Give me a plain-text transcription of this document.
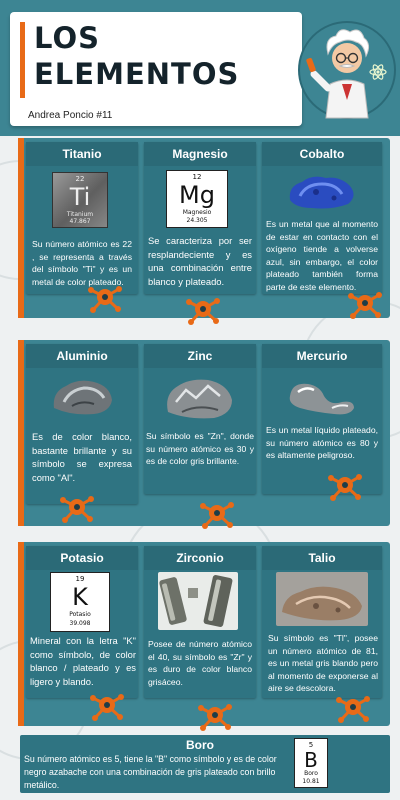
LOS
ELEMENTOS
Andrea Poncio #11
Titanio
22
Ti
Titanium
47.867
Su número atómico es 22 , se representa a través del símbolo "Ti" y es un metal de color plateado.
Magnesio
12
Mg
Magnesio
24.305
Se caracteriza por ser resplandeciente y es una combinación entre blanco y plateado.
Cobalto
Es un metal que al momento de estar en contacto con el oxígeno tiende a volverse azul, sin embargo, el color plateado también forma parte de este elemento.
Aluminio
Es de color blanco, bastante brillante y su símbolo se expresa como "Al".
Zinc
Su símbolo es "Zn", donde su número atómico es 30 y es de color gris brillante.
Mercurio
Es un metal líquido plateado, su número atómico es 80 y es altamente peligroso.
Potasio
19
K
Potasio
39.098
Mineral con la letra "K" como símbolo, de color blanco / plateado y es ligero y blando.
Zirconio
Posee de número atómico el 40, su símbolo es "Zr" y es duro de color blanco grisáceo.
Talio
Su símbolo es "Tl", posee un número atómico de 81, es un metal gris blando pero al momento de exponerse al aire se descolora.
Boro
Su número atómico es 5, tiene la "B" como símbolo y es de color negro azabache con una combinación de gris plateado con brillo metálico.
5
B
Boro
10.81
